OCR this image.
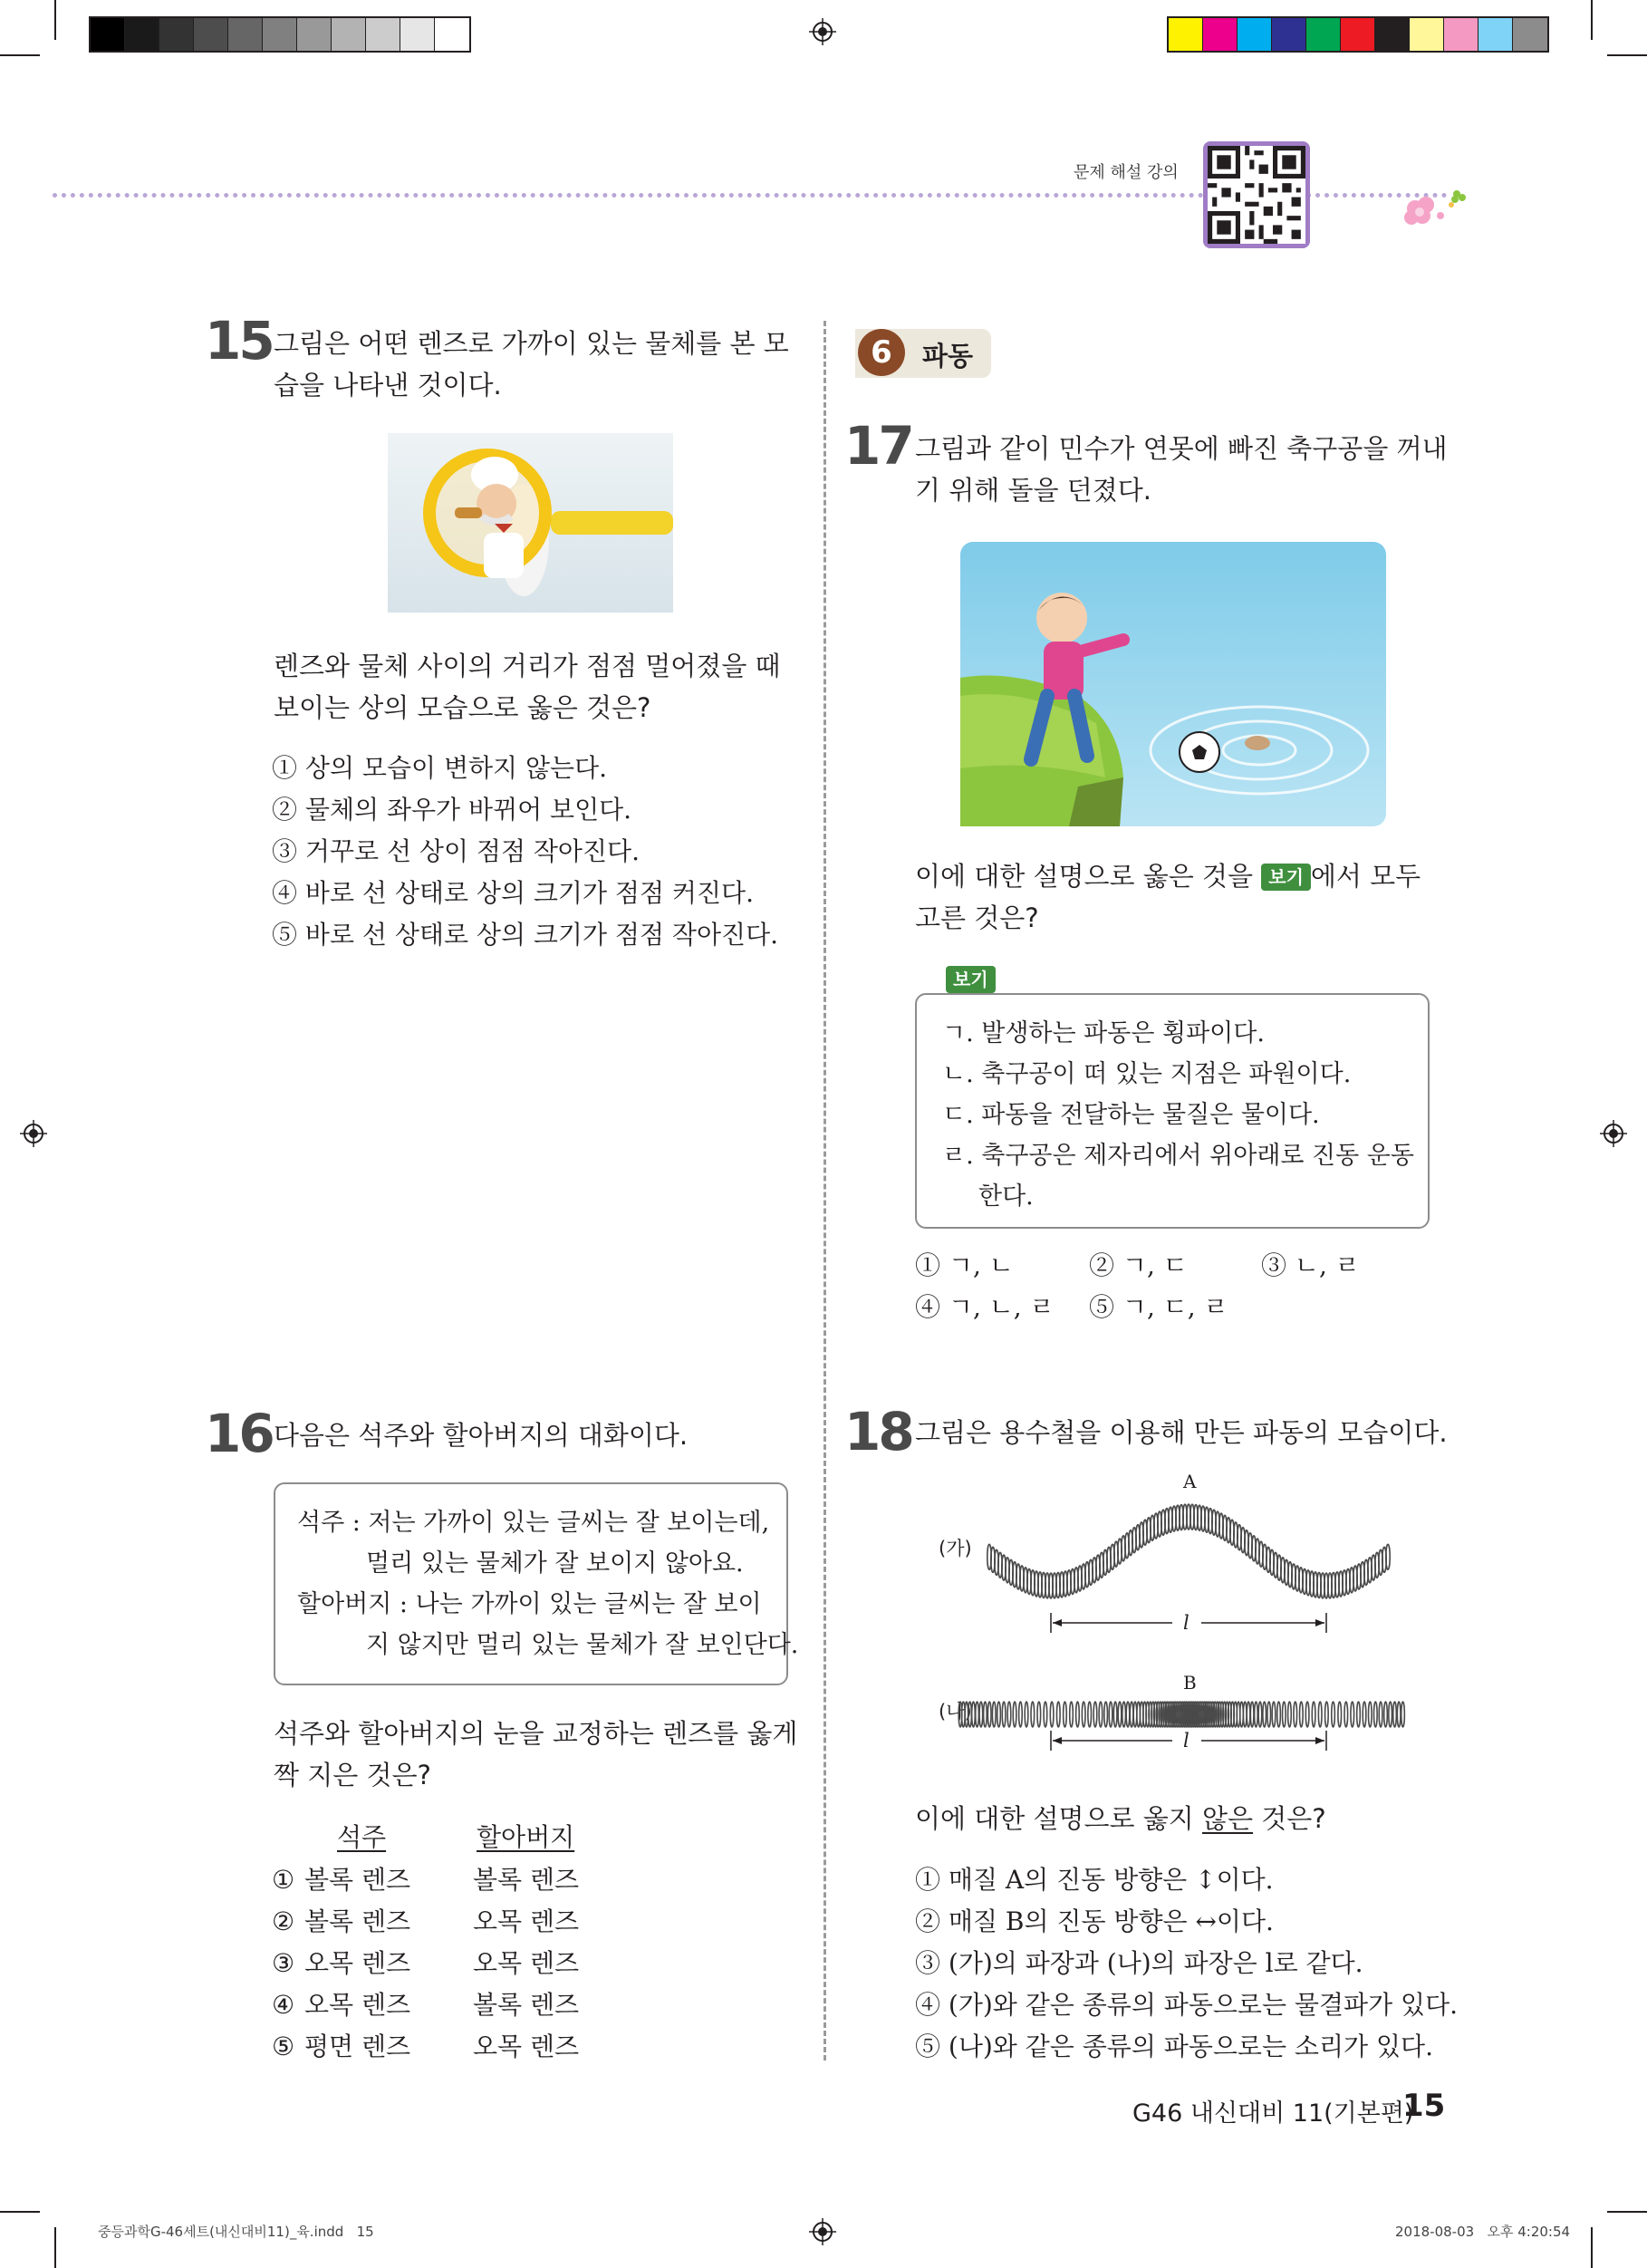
문제 해설 강의
15 그림은 어떤 렌즈로 가까이 있는 물체를 본 모
습을 나타낸 것이다.
렌즈와 물체 사이의 거리가 점점 멀어졌을 때
보이는 상의 모습으로 옳은 것은?
① 상의 모습이 변하지 않는다.
② 물체의 좌우가 바뀌어 보인다.
③ 거꾸로 선 상이 점점 작아진다.
④ 바로 선 상태로 상의 크기가 점점 커진다.
⑤ 바로 선 상태로 상의 크기가 점점 작아진다.
16 다음은 석주와 할아버지의 대화이다.
석주 : 저는 가까이 있는 글씨는 잘 보이는데,
멀리 있는 물체가 잘 보이지 않아요.
할아버지 : 나는 가까이 있는 글씨는 잘 보이
지 않지만 멀리 있는 물체가 잘 보인단다.
석주와 할아버지의 눈을 교정하는 렌즈를 옳게
짝 지은 것은?
석주	할아버지
① 볼록 렌즈 볼록 렌즈
② 볼록 렌즈 오목 렌즈
③ 오목 렌즈 오목 렌즈
④ 오목 렌즈 볼록 렌즈
⑤ 평면 렌즈 오목 렌즈
6	파동
17 그림과 같이 민수가 연못에 빠진 축구공을 꺼내
기 위해 돌을 던졌다.
이에 대한 설명으로 옳은 것을 보기 에서 모두
고른 것은?
보기
ㄱ. 발생하는 파동은 횡파이다.
ㄴ. 축구공이 떠 있는 지점은 파원이다.
ㄷ. 파동을 전달하는 물질은 물이다.
ㄹ. 축구공은 제자리에서 위아래로 진동 운동
한다.
① ㄱ, ㄴ	② ㄱ, ㄷ	③ ㄴ, ㄹ
④ ㄱ, ㄴ, ㄹ ⑤ ㄱ, ㄷ, ㄹ
18 그림은 용수철을 이용해 만든 파동의 모습이다.
(가)
A
l
(나)
B
l
이에 대한 설명으로 옳지 않은 것은?
① 매질 A의 진동 방향은 ↕이다.
② 매질 B의 진동 방향은 ↔이다.
③ (가)의 파장과 (나)의 파장은 l로 같다.
④ (가)와 같은 종류의 파동으로는 물결파가 있다.
⑤ (나)와 같은 종류의 파동으로는 소리가 있다.
G46 내신대비 11(기본편)
15
중등과학G-46세트(내신대비11)_육.indd   15	2018-08-03   오후 4:20:54
